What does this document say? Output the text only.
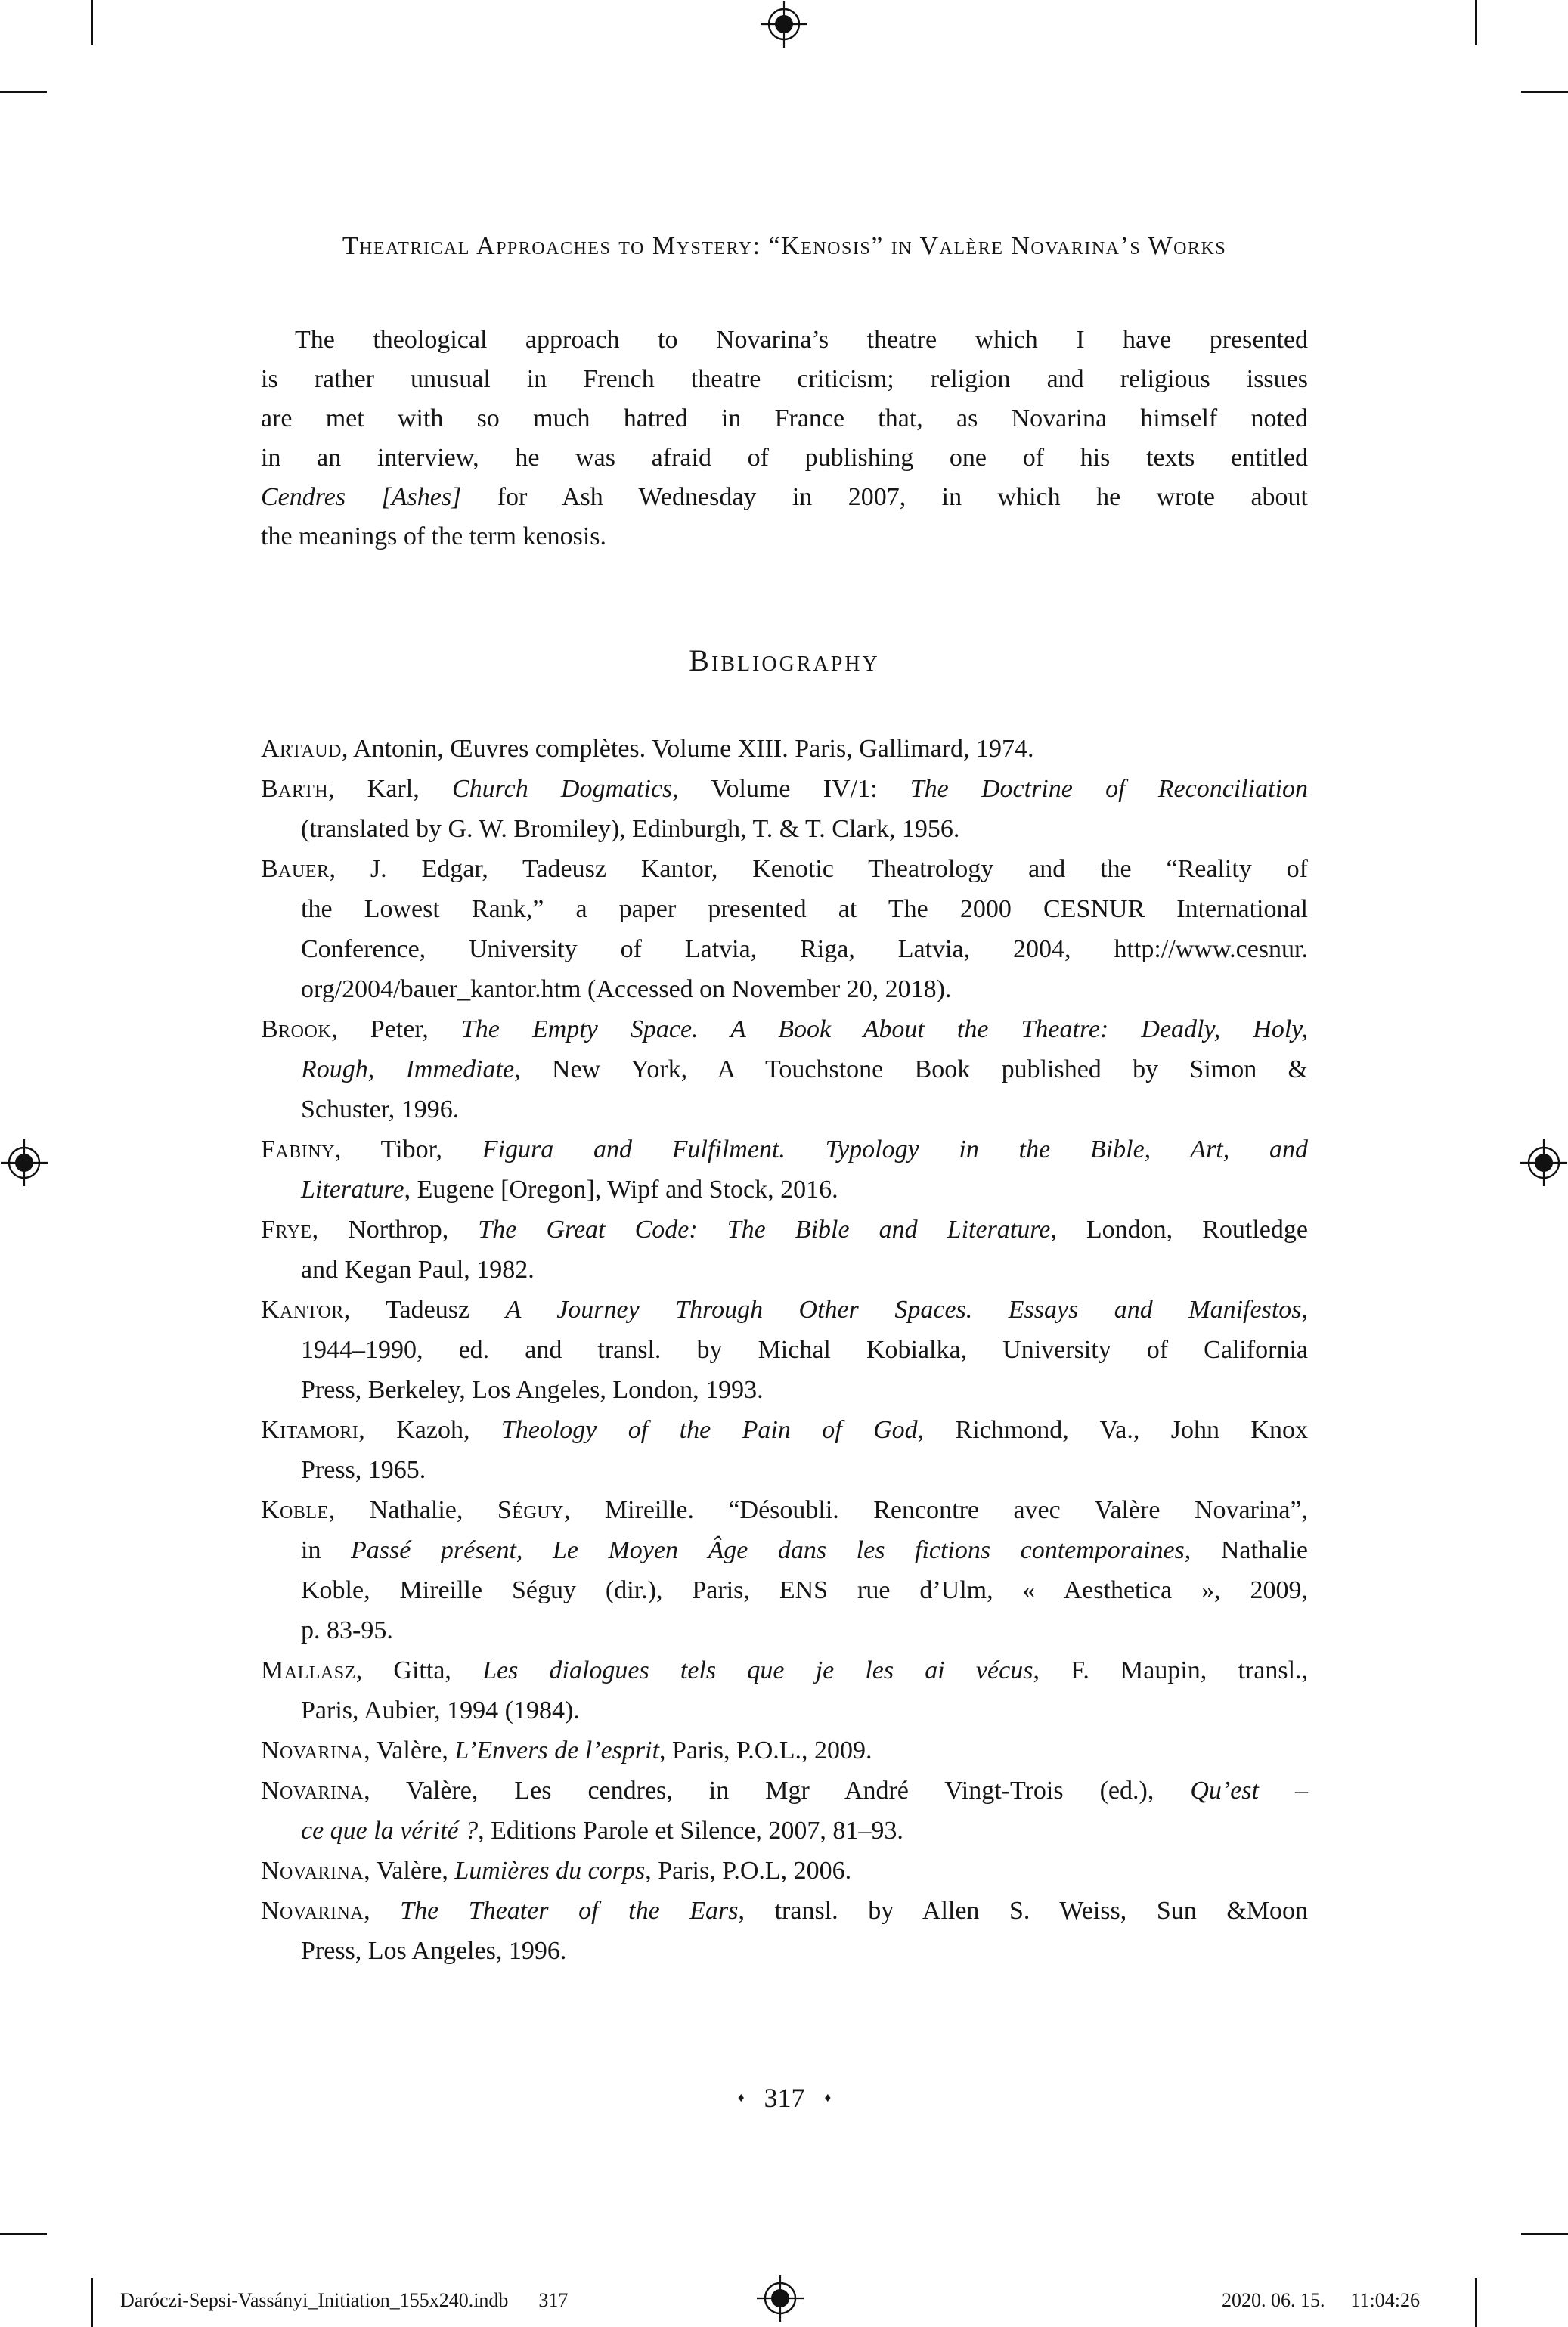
Theatrical Approaches to Mystery: “Kenosis” in Valère Novarina’s Works
The theological approach to Novarina’s theatre which I have presented
is rather unusual in French theatre criticism; religion and religious issues
are met with so much hatred in France that, as Novarina himself noted
in an interview, he was afraid of publishing one of his texts entitled
Cendres [Ashes] for Ash Wednesday in 2007, in which he wrote about
the meanings of the term kenosis.
Bibliography
Artaud, Antonin, Œuvres complètes. Volume XIII. Paris, Gallimard, 1974.
Barth, Karl, Church Dogmatics, Volume IV/1: The Doctrine of Reconciliation
(translated by G. W. Bromiley), Edinburgh, T. & T. Clark, 1956.
Bauer, J. Edgar, Tadeusz Kantor, Kenotic Theatrology and the “Reality of
the Lowest Rank,” a paper presented at The 2000 CESNUR International
Conference, University of Latvia, Riga, Latvia, 2004, http://www.cesnur.
org/2004/bauer_kantor.htm (Accessed on November 20, 2018).
Brook, Peter, The Empty Space. A Book About the Theatre: Deadly, Holy,
Rough, Immediate, New York, A Touchstone Book published by Simon &
Schuster, 1996.
Fabiny, Tibor, Figura and Fulfilment. Typology in the Bible, Art, and
Literature, Eugene [Oregon], Wipf and Stock, 2016.
Frye, Northrop, The Great Code: The Bible and Literature, London, Routledge
and Kegan Paul, 1982.
Kantor, Tadeusz A Journey Through Other Spaces. Essays and Manifestos,
1944–1990, ed. and transl. by Michal Kobialka, University of California
Press, Berkeley, Los Angeles, London, 1993.
Kitamori, Kazoh, Theology of the Pain of God, Richmond, Va., John Knox
Press, 1965.
Koble, Nathalie, Séguy, Mireille. “Désoubli. Rencontre avec Valère Novarina”,
in Passé présent, Le Moyen Âge dans les fictions contemporaines, Nathalie
Koble, Mireille Séguy (dir.), Paris, ENS rue d’Ulm, « Aesthetica », 2009,
p. 83-95.
Mallasz, Gitta, Les dialogues tels que je les ai vécus, F. Maupin, transl.,
Paris, Aubier, 1994 (1984).
Novarina, Valère, L’Envers de l’esprit, Paris, P.O.L., 2009.
Novarina, Valère, Les cendres, in Mgr André Vingt-Trois (ed.), Qu’est –
ce que la vérité ?, Editions Parole et Silence, 2007, 81–93.
Novarina, Valère, Lumières du corps, Paris, P.O.L, 2006.
Novarina, The Theater of the Ears, transl. by Allen S. Weiss, Sun &Moon
Press, Los Angeles, 1996.
♦ 317 ♦
Daróczi-Sepsi-Vassányi_Initiation_155x240.indb 317	2020. 06. 15. 11:04:26
